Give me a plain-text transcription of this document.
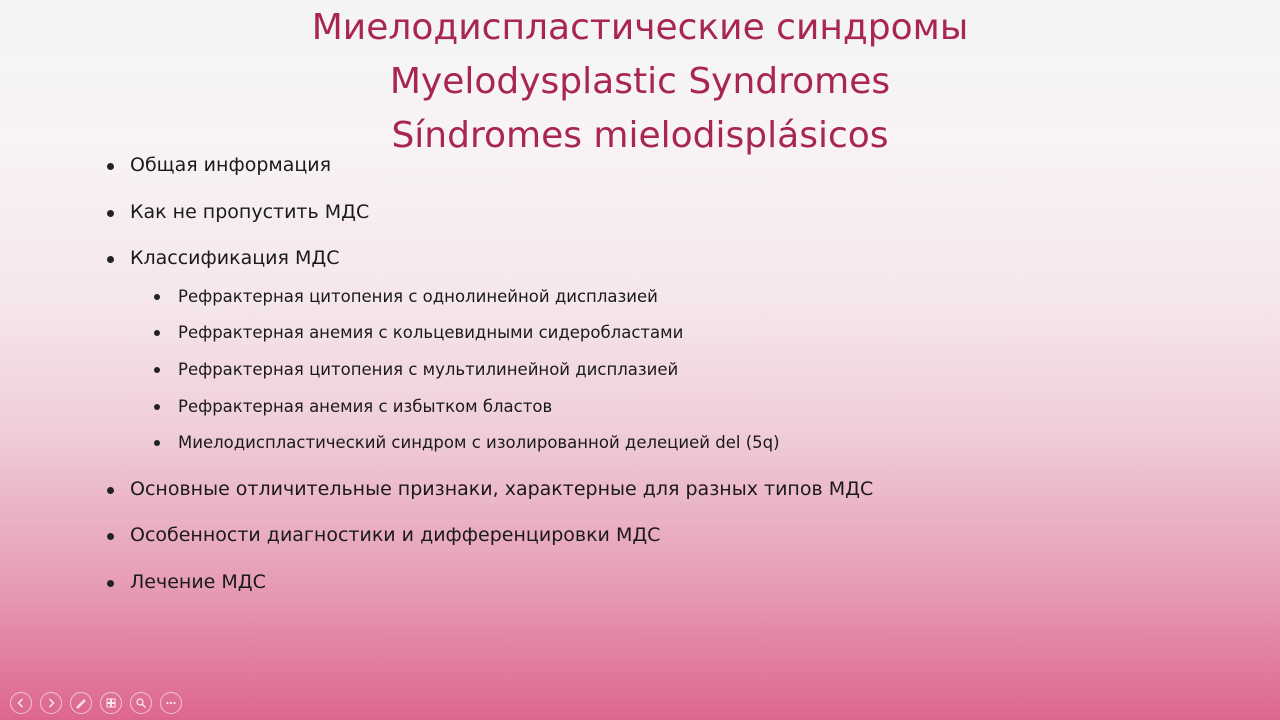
Миелодиспластические синдромы
Myelodysplastic Syndromes
Síndromes mielodisplásicos
Общая информация
Как не пропустить МДС
Классификация МДС
Рефрактерная цитопения с однолинейной дисплазией
Рефрактерная анемия с кольцевидными сидеробластами
Рефрактерная цитопения с мультилинейной дисплазией
Рефрактерная анемия с избытком бластов
Миелодиспластический синдром с изолированной делецией del (5q)
Основные отличительные признаки, характерные для разных типов МДС
Особенности диагностики и дифференцировки МДС
Лечение МДС
